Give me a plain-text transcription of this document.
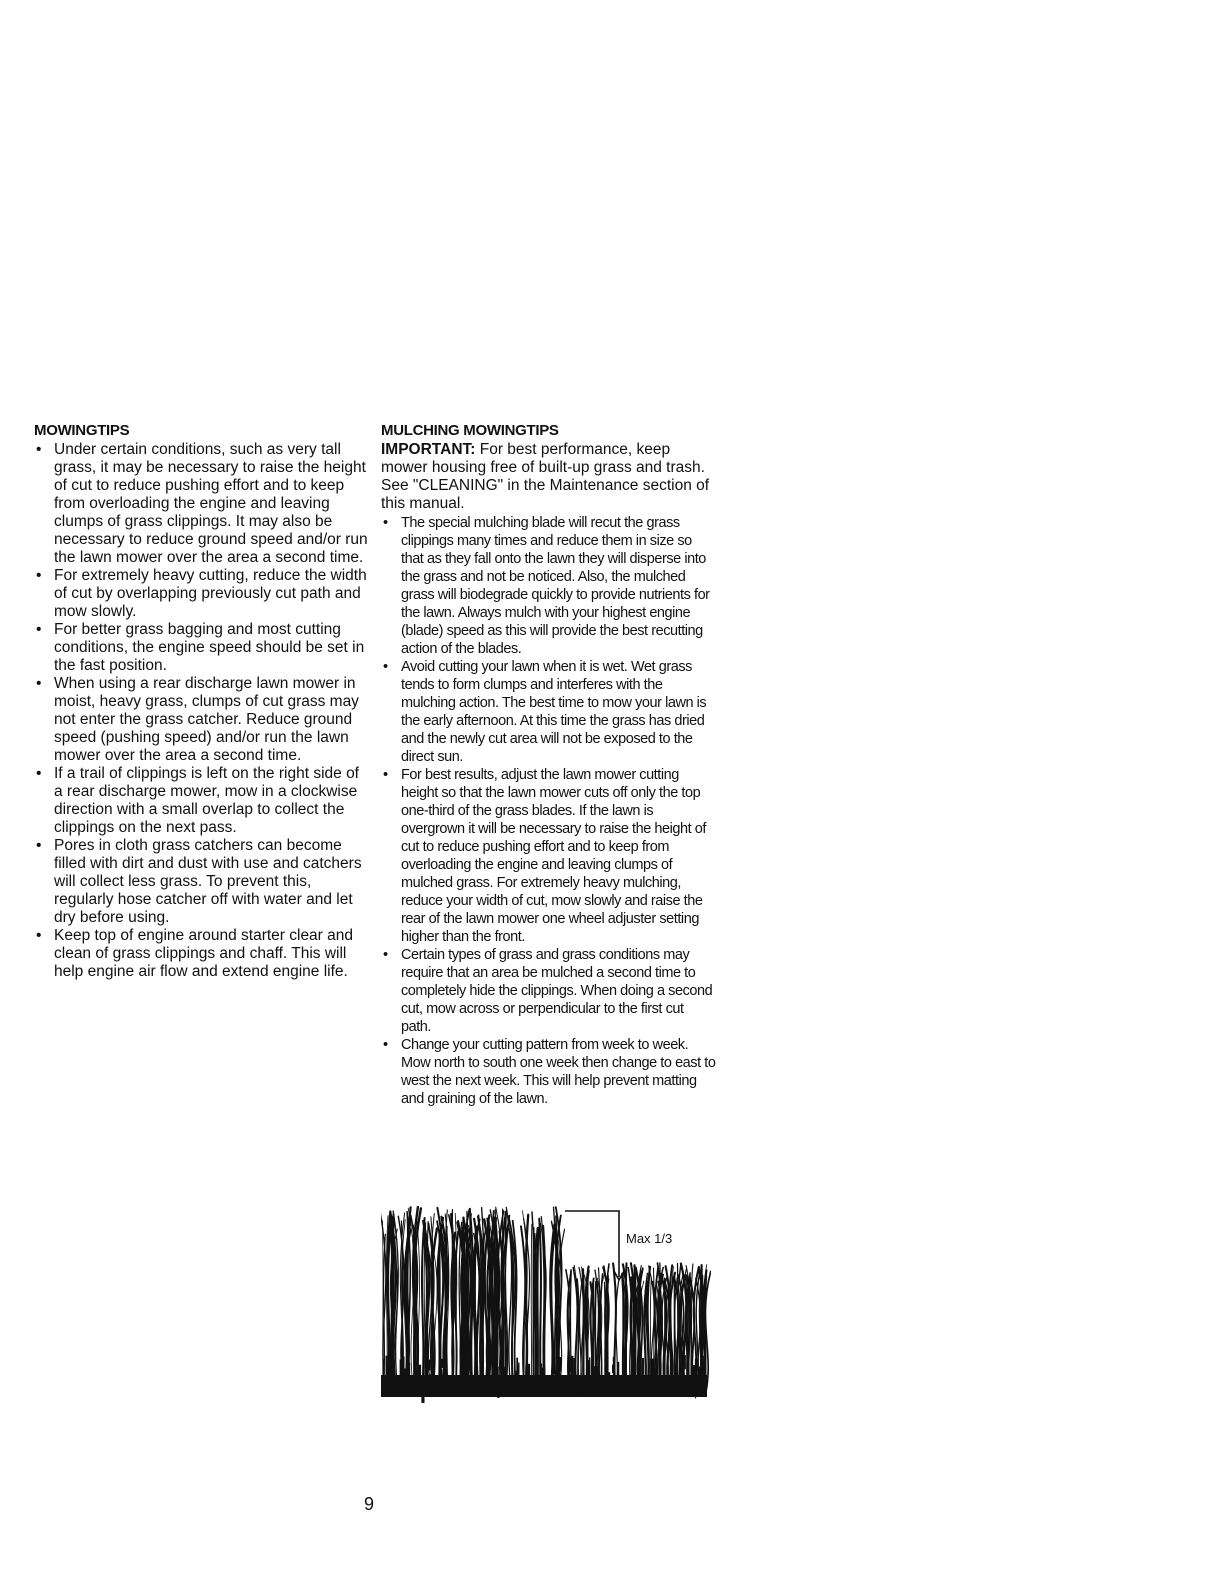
MOWINGTIPS
• Under certain conditions, such as very tall grass, it may be necessary to raise the height of cut to reduce pushing effort and to keep from overloading the engine and leaving clumps of grass clippings. It may also be necessary to reduce ground speed and/or run the lawn mower over the area a second time.
• For extremely heavy cutting, reduce the width of cut by overlapping previously cut path and mow slowly.
• For better grass bagging and most cutting conditions, the engine speed should be set in the fast position.
• When using a rear discharge lawn mower in moist, heavy grass, clumps of cut grass may not enter the grass catcher. Reduce ground speed (pushing speed) and/or run the lawn mower over the area a second time.
• If a trail of clippings is left on the right side of a rear discharge mower, mow in a clockwise direction with a small overlap to collect the clippings on the next pass.
• Pores in cloth grass catchers can become filled with dirt and dust with use and catchers will collect less grass. To prevent this, regularly hose catcher off with water and let dry before using.
• Keep top of engine around starter clear and clean of grass clippings and chaff. This will help engine air flow and extend engine life.
MULCHING MOWINGTIPS

IMPORTANT: For best performance, keep mower housing free of built-up grass and trash. See "CLEANING" in the Maintenance section of this manual.

• The special mulching blade will recut the grass clippings many times and reduce them in size so that as they fall onto the lawn they will disperse into the grass and not be noticed. Also, the mulched grass will biodegrade quickly to provide nutrients for the lawn. Always mulch with your highest engine (blade) speed as this will provide the best recutting action of the blades.
• Avoid cutting your lawn when it is wet. Wet grass tends to form clumps and interferes with the mulching action. The best time to mow your lawn is the early afternoon. At this time the grass has dried and the newly cut area will not be exposed to the direct sun.
• For best results, adjust the lawn mower cutting height so that the lawn mower cuts off only the top one-third of the grass blades. If the lawn is overgrown it will be necessary to raise the height of cut to reduce pushing effort and to keep from overloading the engine and leaving clumps of mulched grass. For extremely heavy mulching, reduce your width of cut, mow slowly and raise the rear of the lawn mower one wheel adjuster setting higher than the front.
• Certain types of grass and grass conditions may require that an area be mulched a second time to completely hide the clippings. When doing a second cut, mow across or perpendicular to the first cut path.
• Change your cutting pattern from week to week. Mow north to south one week then change to east to west the next week. This will help prevent matting and graining of the lawn.
Max 1/3
9
